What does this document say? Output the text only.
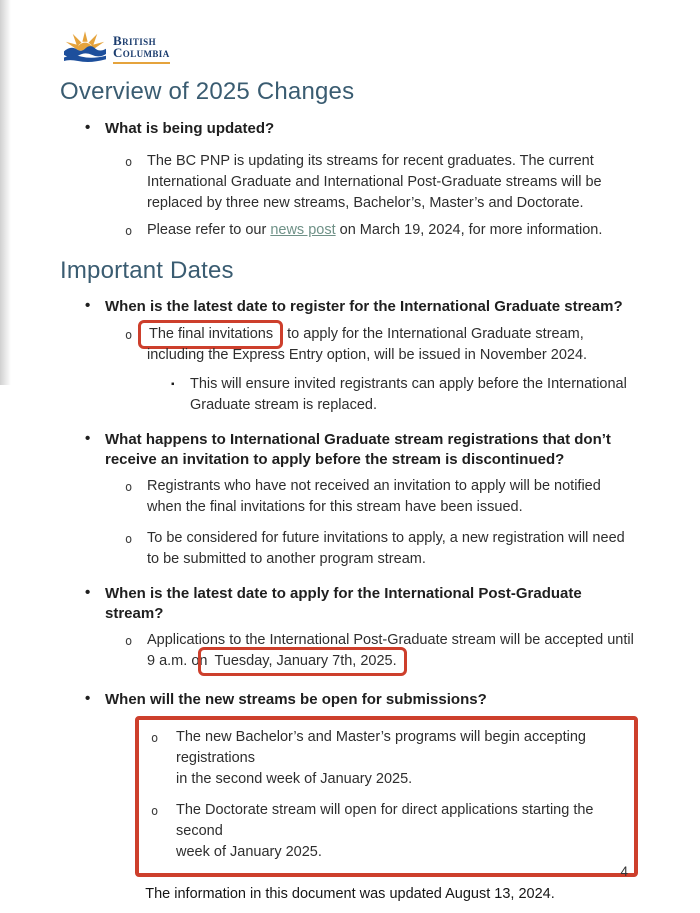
British
Columbia
Overview of 2025 Changes
• What is being updated?
o The BC PNP is updating its streams for recent graduates. The current
International Graduate and International Post-Graduate streams will be
replaced by three new streams, Bachelor’s, Master’s and Doctorate.
o Please refer to our news post on March 19, 2024, for more information.
Important Dates
• When is the latest date to register for the International Graduate stream?
o The final invitations to apply for the International Graduate stream,
including the Express Entry option, will be issued in November 2024.
▪ This will ensure invited registrants can apply before the International
Graduate stream is replaced.
• What happens to International Graduate stream registrations that don’t
receive an invitation to apply before the stream is discontinued?
o Registrants who have not received an invitation to apply will be notified
when the final invitations for this stream have been issued.
o To be considered for future invitations to apply, a new registration will need
to be submitted to another program stream.
• When is the latest date to apply for the International Post-Graduate stream?
o Applications to the International Post-Graduate stream will be accepted until
9 a.m. on Tuesday, January 7th, 2025.
• When will the new streams be open for submissions?
o The new Bachelor’s and Master’s programs will begin accepting registrations
in the second week of January 2025.
o The Doctorate stream will open for direct applications starting the second
week of January 2025.
4
The information in this document was updated August 13, 2024.
